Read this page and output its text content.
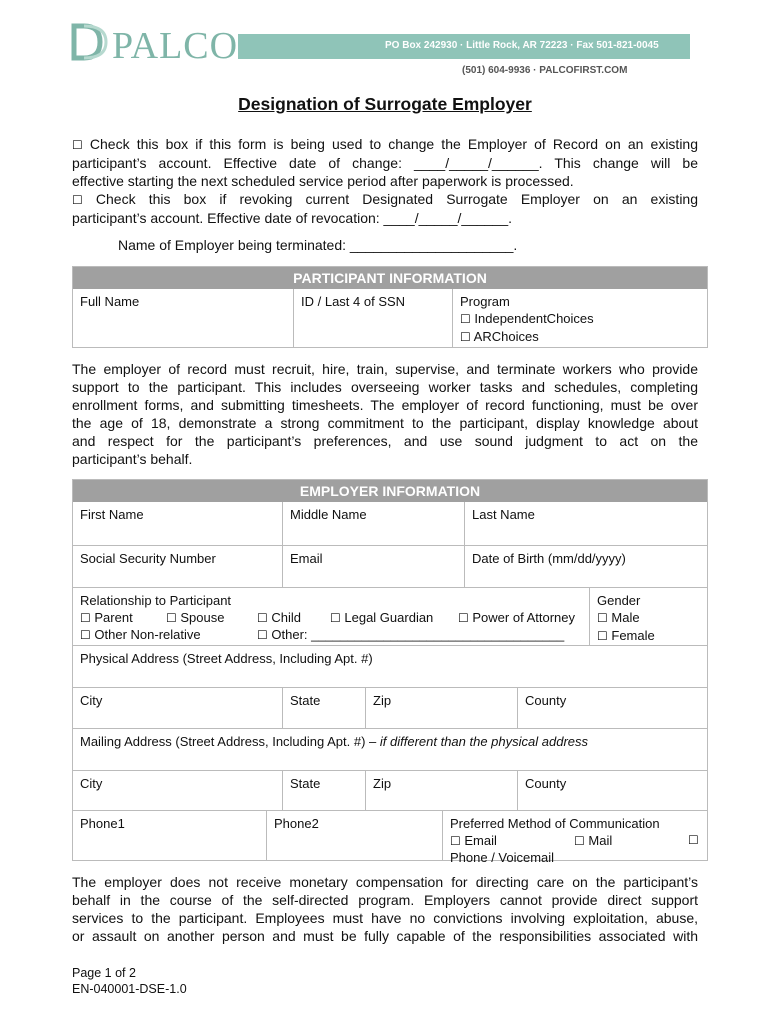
PALCO	PO Box 242930 · Little Rock, AR 72223 · Fax 501-821-0045
(501) 604-9936 · PALCOFIRST.COM
Designation of Surrogate Employer
☐ Check this box if this form is being used to change the Employer of Record on an existing
participant’s account. Effective date of change: ____/_____/______. This change will be
effective starting the next scheduled service period after paperwork is processed.
☐ Check this box if revoking current Designated Surrogate Employer on an existing
participant’s account. Effective date of revocation: ____/_____/______.
Name of Employer being terminated: _____________________.
PARTICIPANT INFORMATION
Full Name	ID / Last 4 of SSN	Program
☐ IndependentChoices
☐ ARChoices
The employer of record must recruit, hire, train, supervise, and terminate workers who provide
support to the participant. This includes overseeing worker tasks and schedules, completing
enrollment forms, and submitting timesheets. The employer of record functioning, must be over
the age of 18, demonstrate a strong commitment to the participant, display knowledge about
and respect for the participant’s preferences, and use sound judgment to act on the
participant’s behalf.
EMPLOYER INFORMATION
First Name	Middle Name	Last Name
Social Security Number	Email	Date of Birth (mm/dd/yyyy)
Relationship to Participant
☐ Parent	☐ Spouse	☐ Child ☐ Legal Guardian ☐ Power of Attorney
☐ Other Non-relative	☐ Other: ___________________________________
Gender
☐ Male
☐ Female
Physical Address (Street Address, Including Apt. #)
City	State	Zip	County
Mailing Address (Street Address, Including Apt. #) – if different than the physical address
City	State	Zip	County
Phone1	Phone2	Preferred Method of Communication
☐ Email	☐ Mail	☐
Phone / Voicemail
The employer does not receive monetary compensation for directing care on the participant’s
behalf in the course of the self-directed program. Employers cannot provide direct support
services to the participant. Employees must have no convictions involving exploitation, abuse,
or assault on another person and must be fully capable of the responsibilities associated with
Page 1 of 2
EN-040001-DSE-1.0
